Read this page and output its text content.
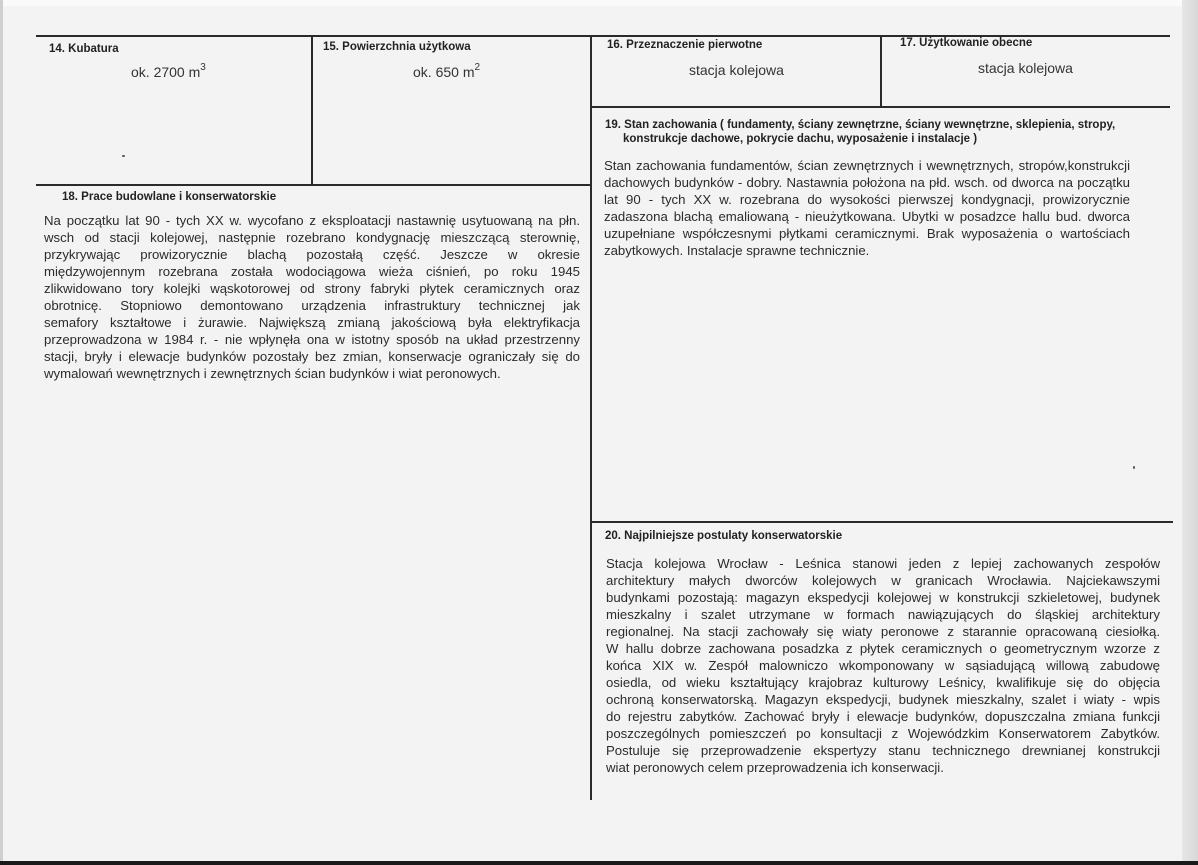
14. Kubatura
ok. 2700 $m^3$
15. Powierzchnia użytkowa
ok. 650 $m^2$
16. Przeznaczenie pierwotne
stacja kolejowa
17. Użytkowanie obecne
stacja kolejowa
19. Stan zachowania ( fundamenty, ściany zewnętrzne, ściany wewnętrzne, sklepienia, stropy,
konstrukcje dachowe, pokrycie dachu, wyposażenie i instalacje )
Stan zachowania fundamentów, ścian zewnętrznych i wewnętrznych, stropów,konstrukcji
dachowych budynków - dobry. Nastawnia położona na płd. wsch. od dworca na początku
lat 90 - tych XX w. rozebrana do wysokości pierwszej kondygnacji, prowizorycznie
zadaszona blachą emaliowaną - nieużytkowana. Ubytki w posadzce hallu bud. dworca
uzupełniane współczesnymi płytkami ceramicznymi. Brak wyposażenia o wartościach
zabytkowych. Instalacje sprawne technicznie.
18. Prace budowlane i konserwatorskie
Na początku lat 90 - tych XX w. wycofano z eksploatacji nastawnię usytuowaną na płn.
wsch od stacji kolejowej, następnie rozebrano kondygnację mieszczącą sterownię,
przykrywając prowizorycznie blachą pozostałą część. Jeszcze w okresie
międzywojennym rozebrana została wodociągowa wieża ciśnień, po roku 1945
zlikwidowano tory kolejki wąskotorowej od strony fabryki płytek ceramicznych oraz
obrotnicę. Stopniowo demontowano urządzenia infrastruktury technicznej jak
semafory kształtowe i żurawie. Największą zmianą jakościową była elektryfikacja
przeprowadzona w 1984 r. - nie wpłynęła ona w istotny sposób na układ przestrzenny
stacji, bryły i elewacje budynków pozostały bez zmian, konserwacje ograniczały się do
wymalowań wewnętrznych i zewnętrznych ścian budynków i wiat peronowych.
20. Najpilniejsze postulaty konserwatorskie
Stacja kolejowa Wrocław - Leśnica stanowi jeden z lepiej zachowanych zespołów
architektury małych dworców kolejowych w granicach Wrocławia. Najciekawszymi
budynkami pozostają: magazyn ekspedycji kolejowej w konstrukcji szkieletowej, budynek
mieszkalny i szalet utrzymane w formach nawiązujących do śląskiej architektury
regionalnej. Na stacji zachowały się wiaty peronowe z starannie opracowaną ciesiołką.
W hallu dobrze zachowana posadzka z płytek ceramicznych o geometrycznym wzorze z
końca XIX w. Zespół malowniczo wkomponowany w sąsiadującą willową zabudowę
osiedla, od wieku kształtujący krajobraz kulturowy Leśnicy, kwalifikuje się do objęcia
ochroną konserwatorską. Magazyn ekspedycji, budynek mieszkalny, szalet i wiaty - wpis
do rejestru zabytków. Zachować bryły i elewacje budynków, dopuszczalna zmiana funkcji
poszczególnych pomieszczeń po konsultacji z Wojewódzkim Konserwatorem Zabytków.
Postuluje się przeprowadzenie ekspertyzy stanu technicznego drewnianej konstrukcji
wiat peronowych celem przeprowadzenia ich konserwacji.
